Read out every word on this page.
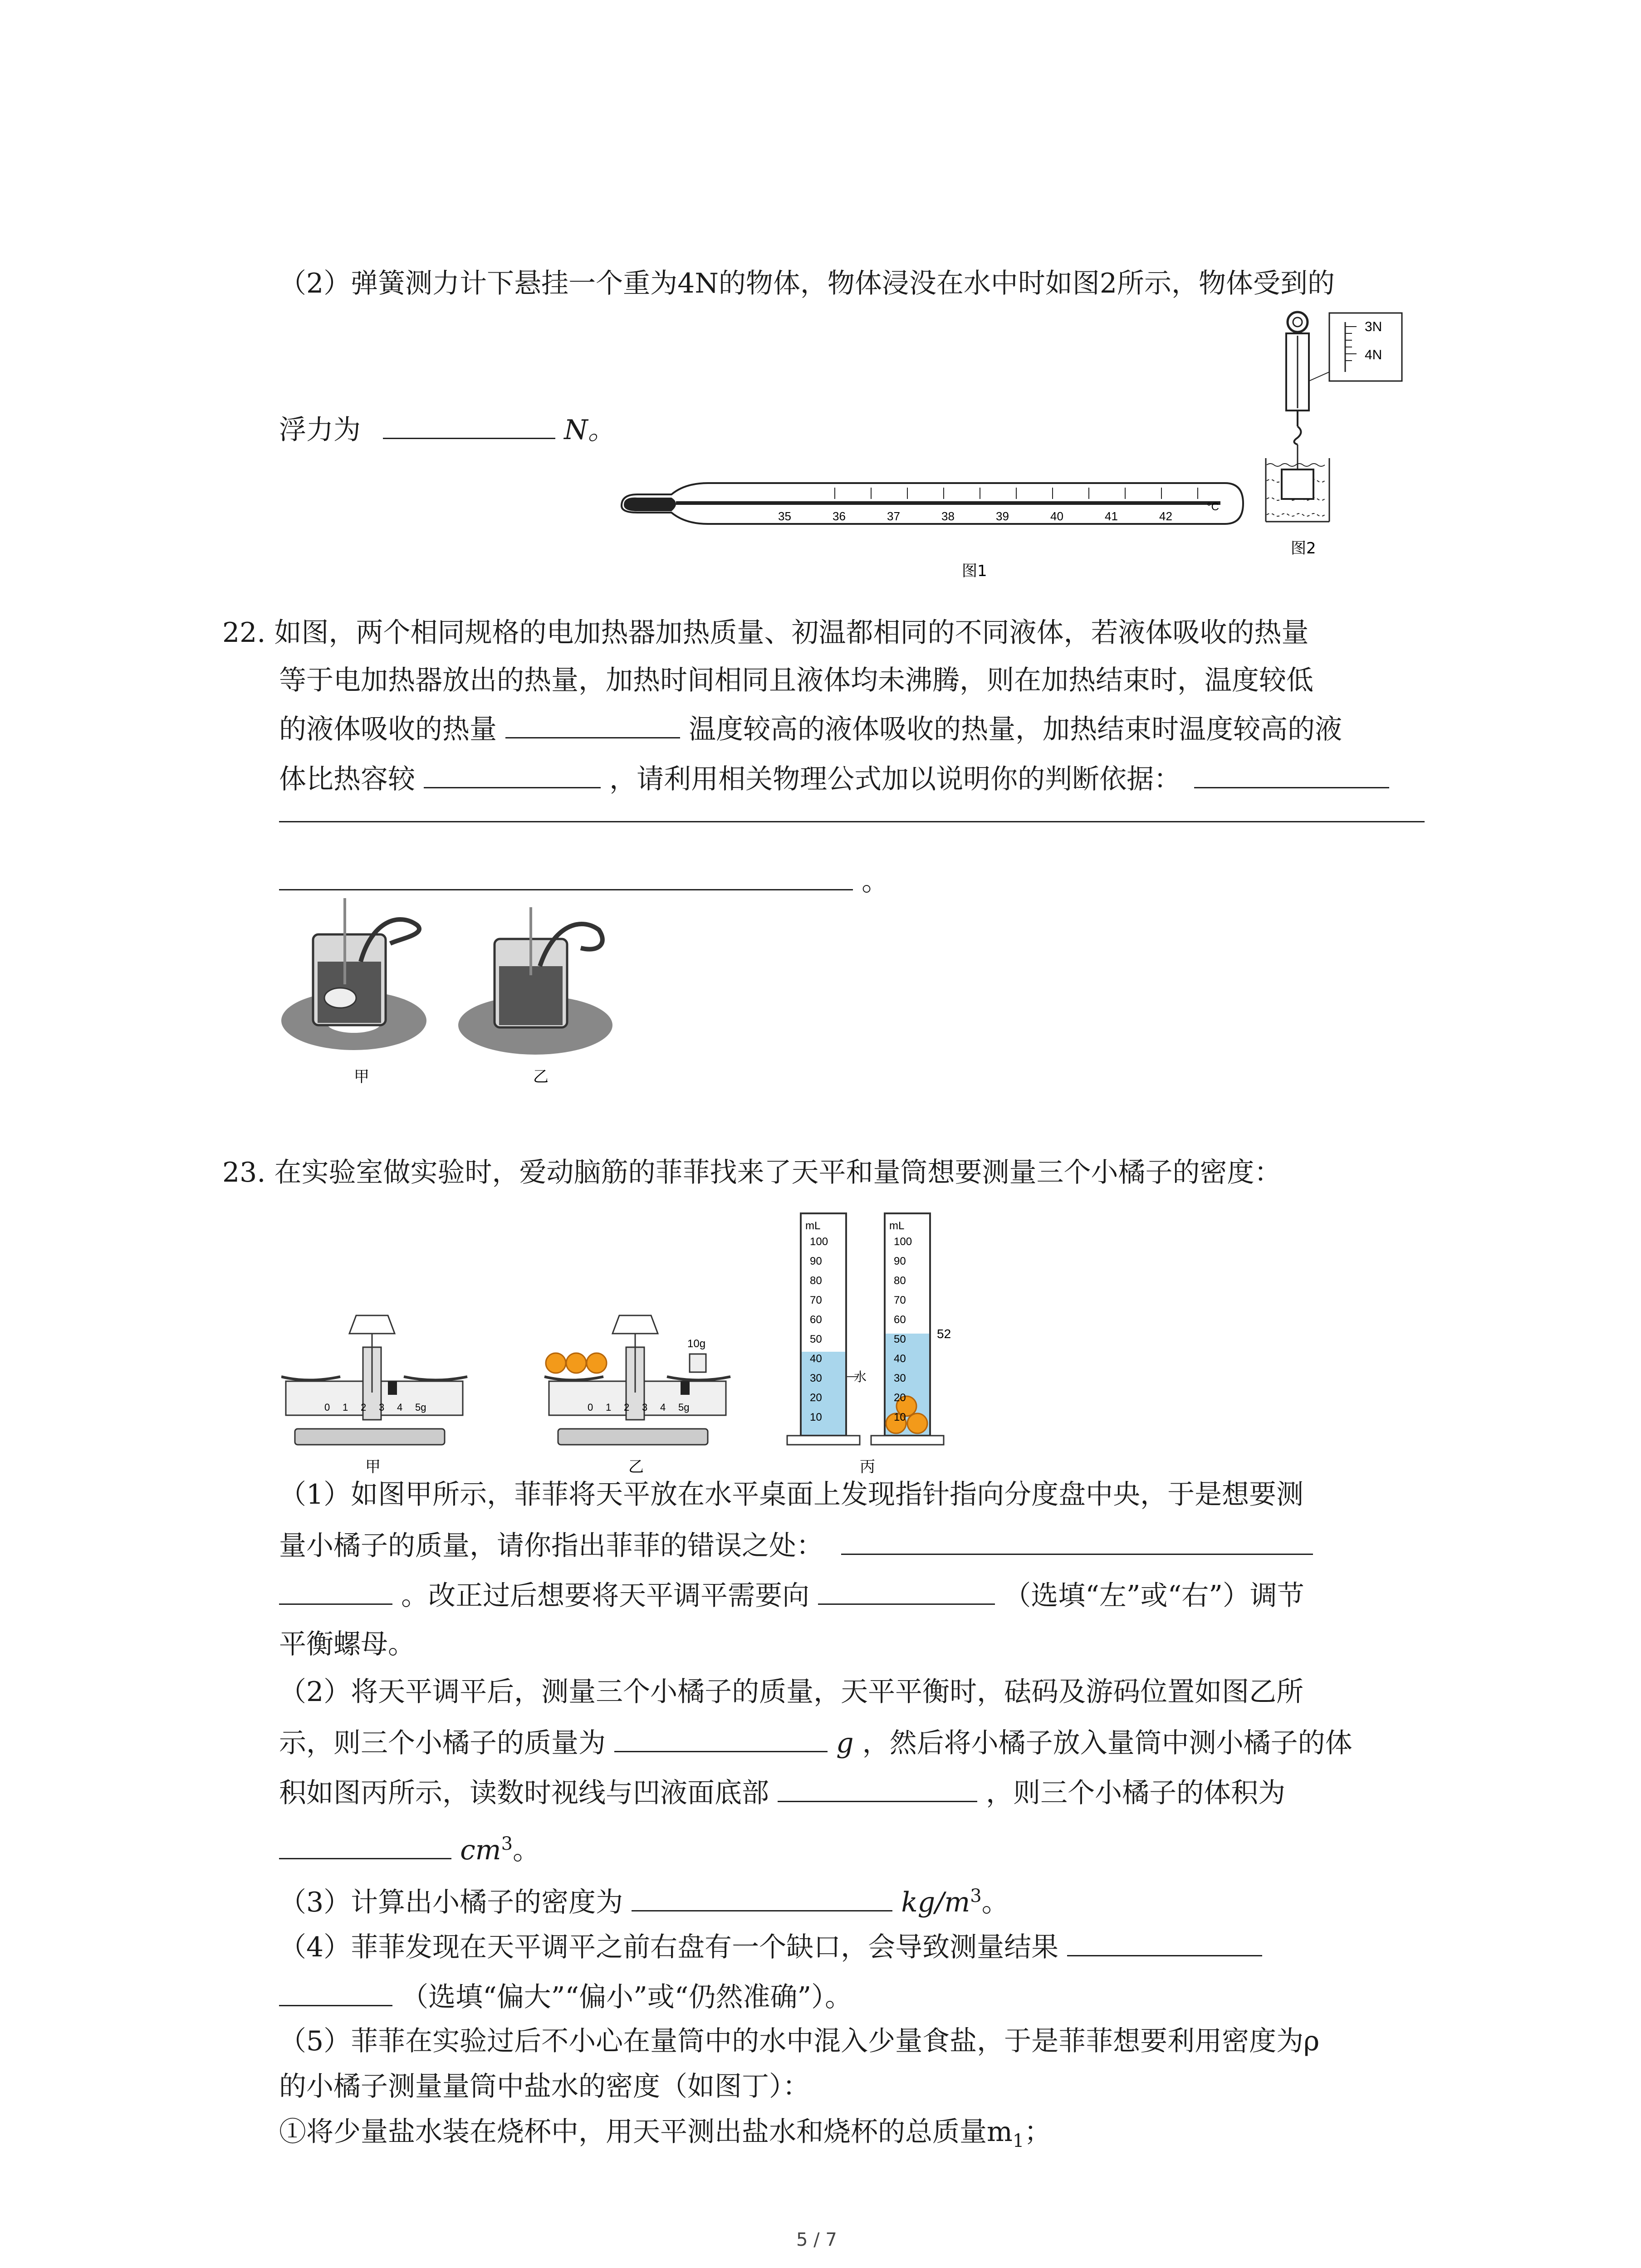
（2）弹簧测力计下悬挂一个重为4N的物体，物体浸没在水中时如图2所示，物体受到的
浮力为	N。
35	36	37	38	39	40	41	42
°C
图1
3N
4N
图2
22. 如图，两个相同规格的电加热器加热质量、初温都相同的不同液体，若液体吸收的热量
等于电加热器放出的热量，加热时间相同且液体均未沸腾，则在加热结束时，温度较低
的液体吸收的热量	温度较高的液体吸收的热量，加热结束时温度较高的液
体比热容较	，请利用相关物理公式加以说明你的判断依据：
。
甲	乙
23. 在实验室做实验时，爱动脑筋的菲菲找来了天平和量筒想要测量三个小橘子的密度：
0 1 2 3 4 5g
10g
0 1 2 3 4 5g
mL
100
90
80
70
60
50
40
30
20
10
水
mL
100
90
80
70
60
50
40
30
20
10
52
甲	乙	丙
（1）如图甲所示，菲菲将天平放在水平桌面上发现指针指向分度盘中央，于是想要测
量小橘子的质量，请你指出菲菲的错误之处：
。改正过后想要将天平调平需要向	（选填“左”或“右”）调节
平衡螺母。
（2）将天平调平后，测量三个小橘子的质量，天平平衡时，砝码及游码位置如图乙所
示，则三个小橘子的质量为	g ，然后将小橘子放入量筒中测小橘子的体
积如图丙所示，读数时视线与凹液面底部	，则三个小橘子的体积为
$cm^3$。
（3）计算出小橘子的密度为	$kg/m^3$。
（4）菲菲发现在天平调平之前右盘有一个缺口，会导致测量结果
（选填“偏大”“偏小”或“仍然准确”）。
（5）菲菲在实验过后不小心在量筒中的水中混入少量食盐，于是菲菲想要利用密度为ρ
的小橘子测量量筒中盐水的密度（如图丁）：
①将少量盐水装在烧杯中，用天平测出盐水和烧杯的总质量$m_1$；
5 / 7
